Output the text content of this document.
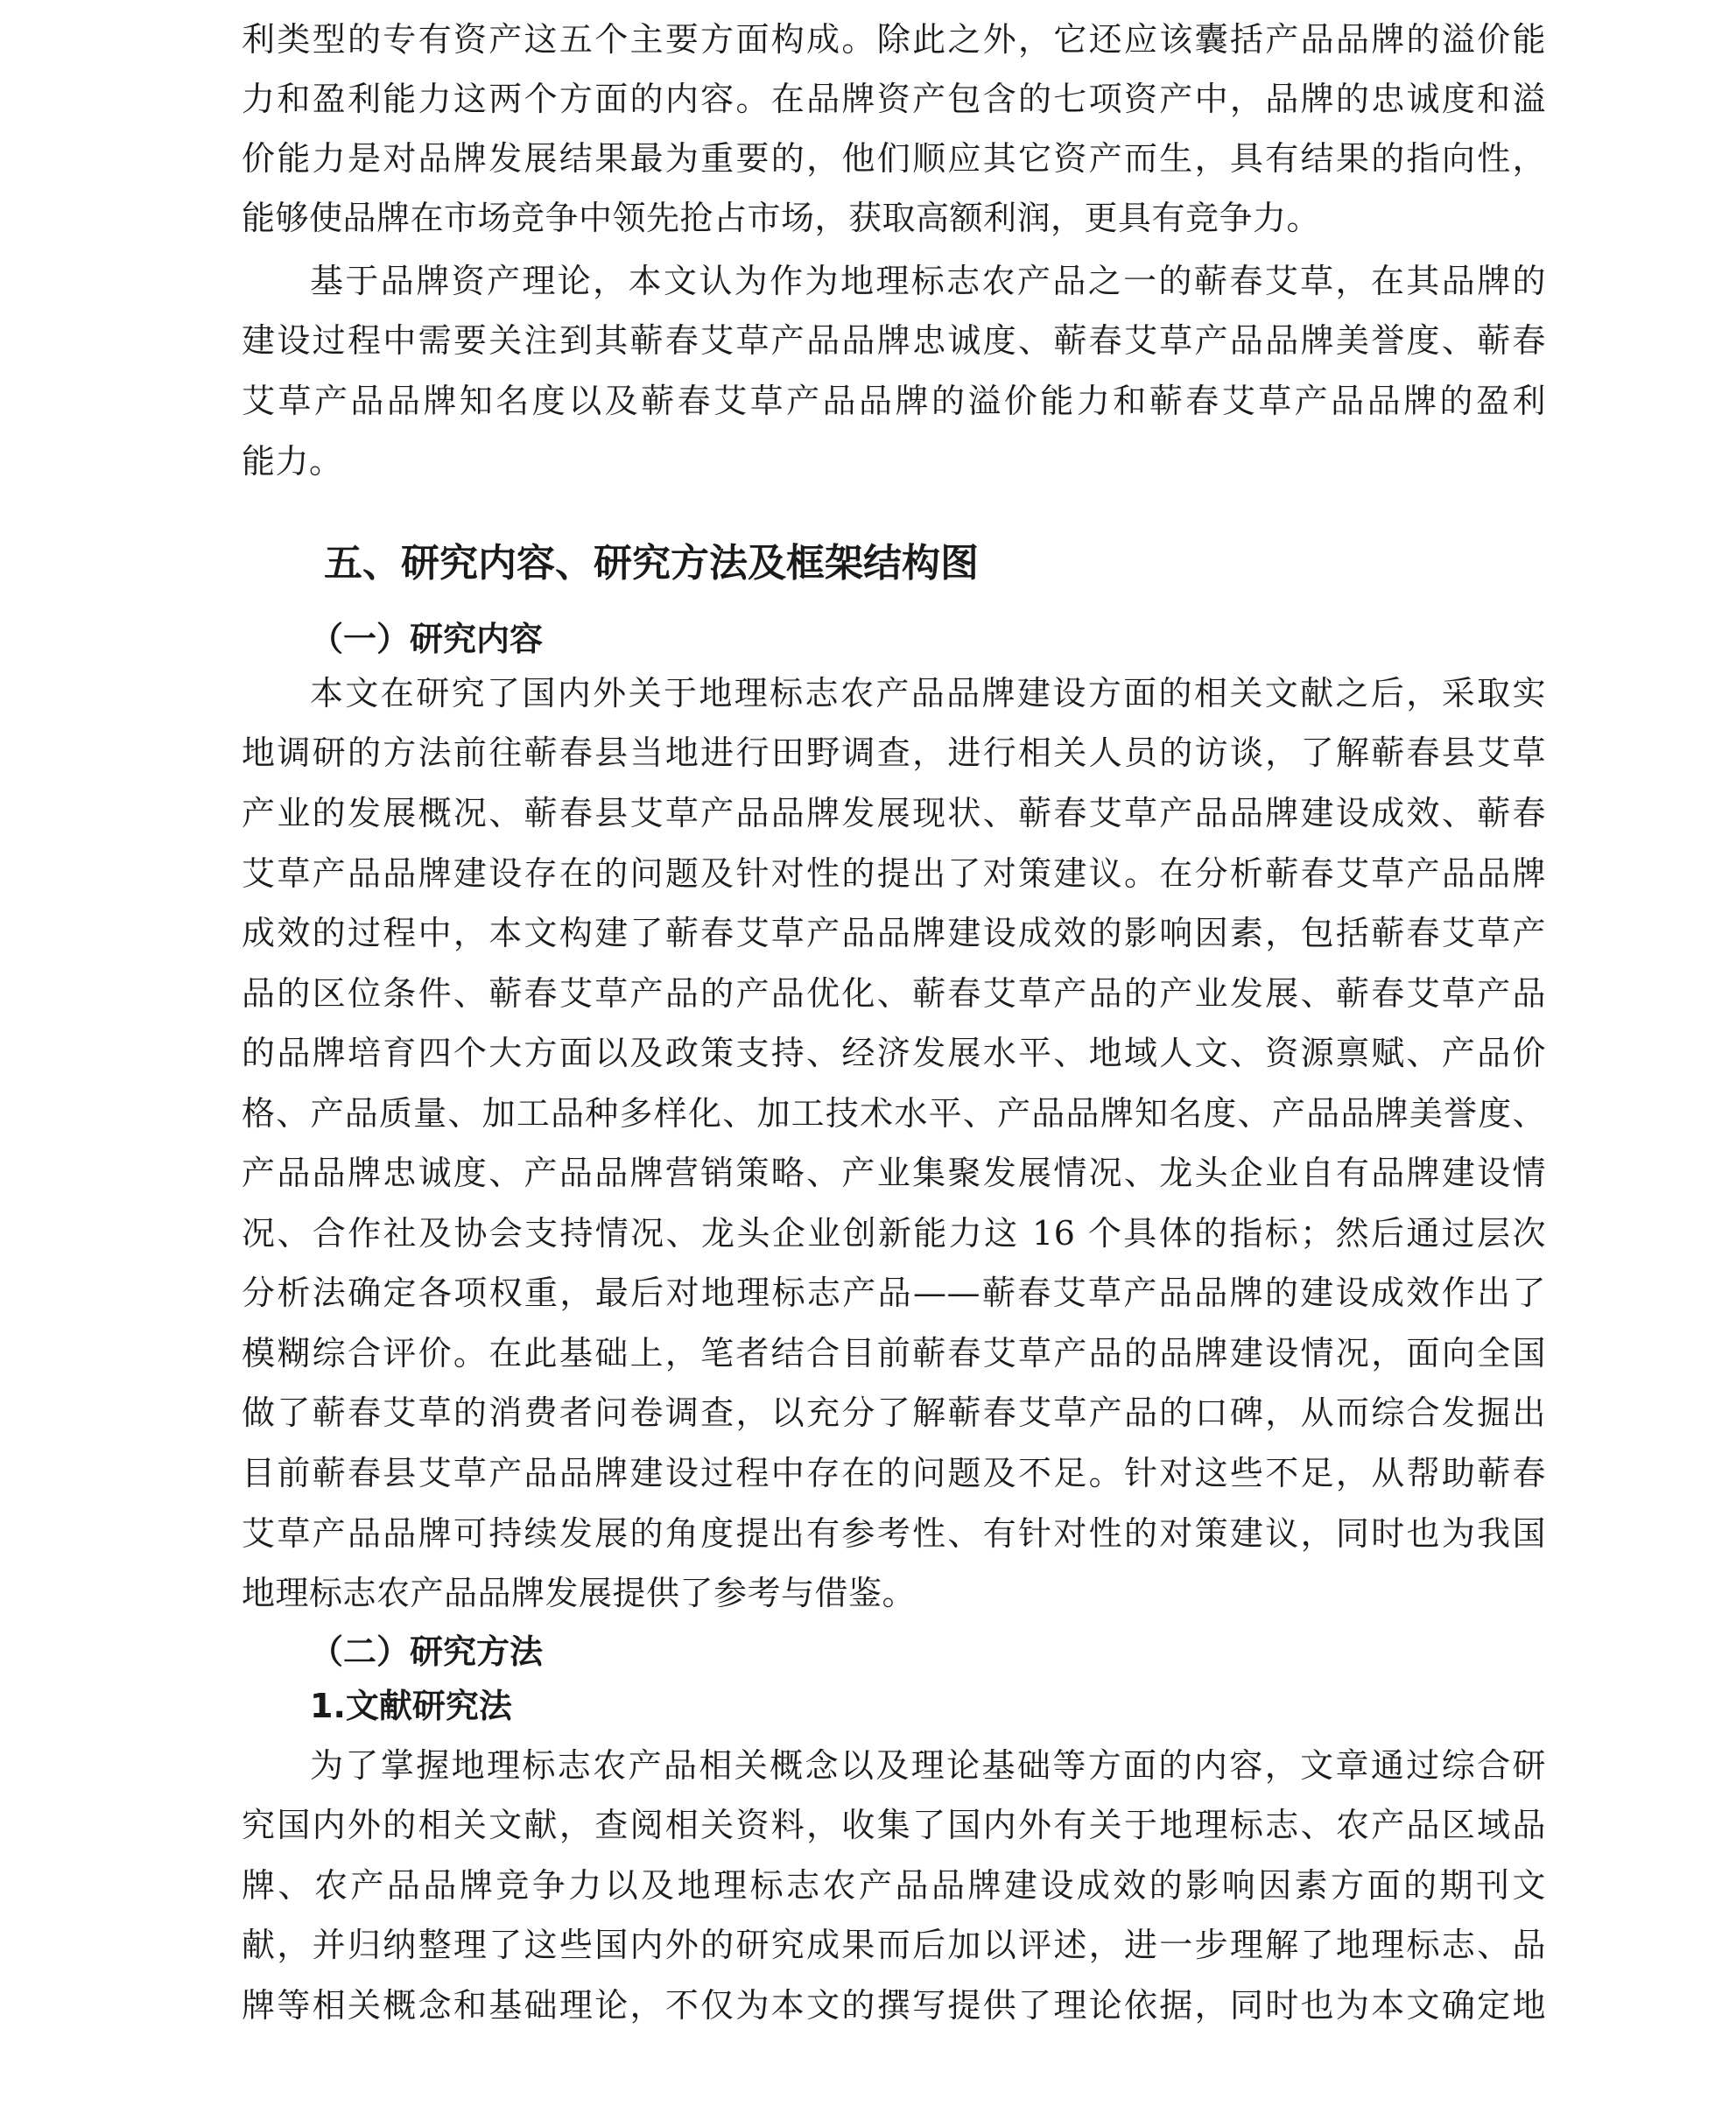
利类型的专有资产这五个主要方面构成。除此之外，它还应该囊括产品品牌的溢价能

力和盈利能力这两个方面的内容。在品牌资产包含的七项资产中，品牌的忠诚度和溢

价能力是对品牌发展结果最为重要的，他们顺应其它资产而生，具有结果的指向性，

能够使品牌在市场竞争中领先抢占市场，获取高额利润，更具有竞争力。

基于品牌资产理论，本文认为作为地理标志农产品之一的蕲春艾草，在其品牌的

建设过程中需要关注到其蕲春艾草产品品牌忠诚度、蕲春艾草产品品牌美誉度、蕲春

艾草产品品牌知名度以及蕲春艾草产品品牌的溢价能力和蕲春艾草产品品牌的盈利

能力。

五、研究内容、研究方法及框架结构图
（一）研究内容

本文在研究了国内外关于地理标志农产品品牌建设方面的相关文献之后，采取实

地调研的方法前往蕲春县当地进行田野调查，进行相关人员的访谈，了解蕲春县艾草

产业的发展概况、蕲春县艾草产品品牌发展现状、蕲春艾草产品品牌建设成效、蕲春

艾草产品品牌建设存在的问题及针对性的提出了对策建议。在分析蕲春艾草产品品牌

成效的过程中，本文构建了蕲春艾草产品品牌建设成效的影响因素，包括蕲春艾草产

品的区位条件、蕲春艾草产品的产品优化、蕲春艾草产品的产业发展、蕲春艾草产品

的品牌培育四个大方面以及政策支持、经济发展水平、地域人文、资源禀赋、产品价

格、产品质量、加工品种多样化、加工技术水平、产品品牌知名度、产品品牌美誉度、

产品品牌忠诚度、产品品牌营销策略、产业集聚发展情况、龙头企业自有品牌建设情

况、合作社及协会支持情况、龙头企业创新能力这 16 个具体的指标；然后通过层次

分析法确定各项权重，最后对地理标志产品——蕲春艾草产品品牌的建设成效作出了

模糊综合评价。在此基础上，笔者结合目前蕲春艾草产品的品牌建设情况，面向全国

做了蕲春艾草的消费者问卷调查，以充分了解蕲春艾草产品的口碑，从而综合发掘出

目前蕲春县艾草产品品牌建设过程中存在的问题及不足。针对这些不足，从帮助蕲春

艾草产品品牌可持续发展的角度提出有参考性、有针对性的对策建议，同时也为我国

地理标志农产品品牌发展提供了参考与借鉴。

（二）研究方法
1.文献研究法

为了掌握地理标志农产品相关概念以及理论基础等方面的内容，文章通过综合研

究国内外的相关文献，查阅相关资料，收集了国内外有关于地理标志、农产品区域品

牌、农产品品牌竞争力以及地理标志农产品品牌建设成效的影响因素方面的期刊文

献，并归纳整理了这些国内外的研究成果而后加以评述，进一步理解了地理标志、品

牌等相关概念和基础理论，不仅为本文的撰写提供了理论依据，同时也为本文确定地
